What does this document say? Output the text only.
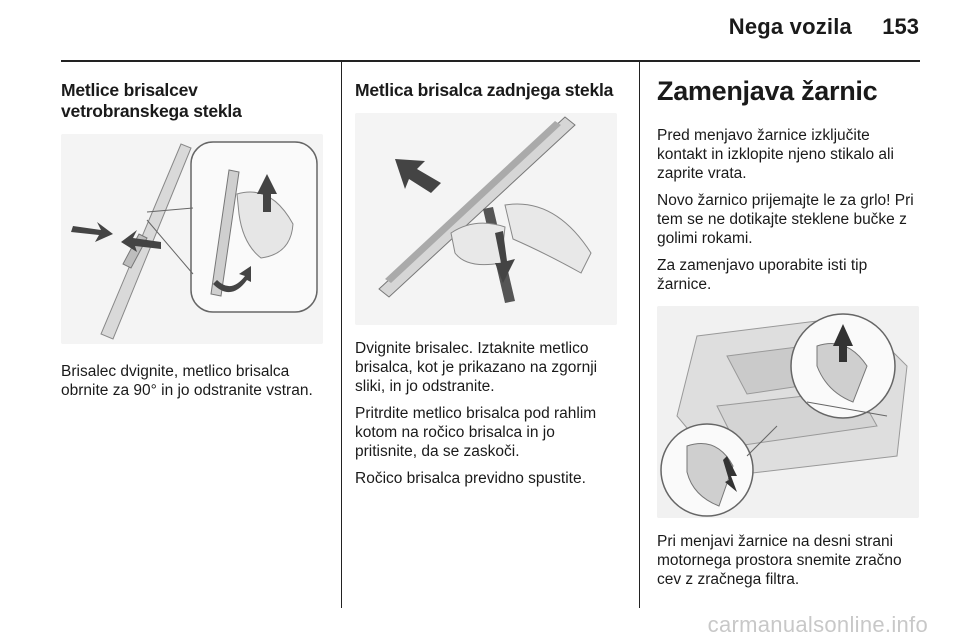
Nega vozila 153
Metlice brisalcev
vetrobranskega stekla

Brisalec dvignite, metlico brisalca obrnite za 90° in jo odstranite vstran.

Metlica brisalca zadnjega stekla

Dvignite brisalec. Iztaknite metlico brisalca, kot je prikazano na zgornji sliki, in jo odstranite.

Pritrdite metlico brisalca pod rahlim kotom na ročico brisalca in jo pritisnite, da se zaskoči.

Ročico brisalca previdno spustite.

Zamenjava žarnic

Pred menjavo žarnice izključite kontakt in izklopite njeno stikalo ali zaprite vrata.

Novo žarnico prijemajte le za grlo! Pri tem se ne dotikajte steklene bučke z golimi rokami.

Za zamenjavo uporabite isti tip žarnice.

Pri menjavi žarnice na desni strani motornega prostora snemite zračno cev z zračnega filtra.

carmanualsonline.info
